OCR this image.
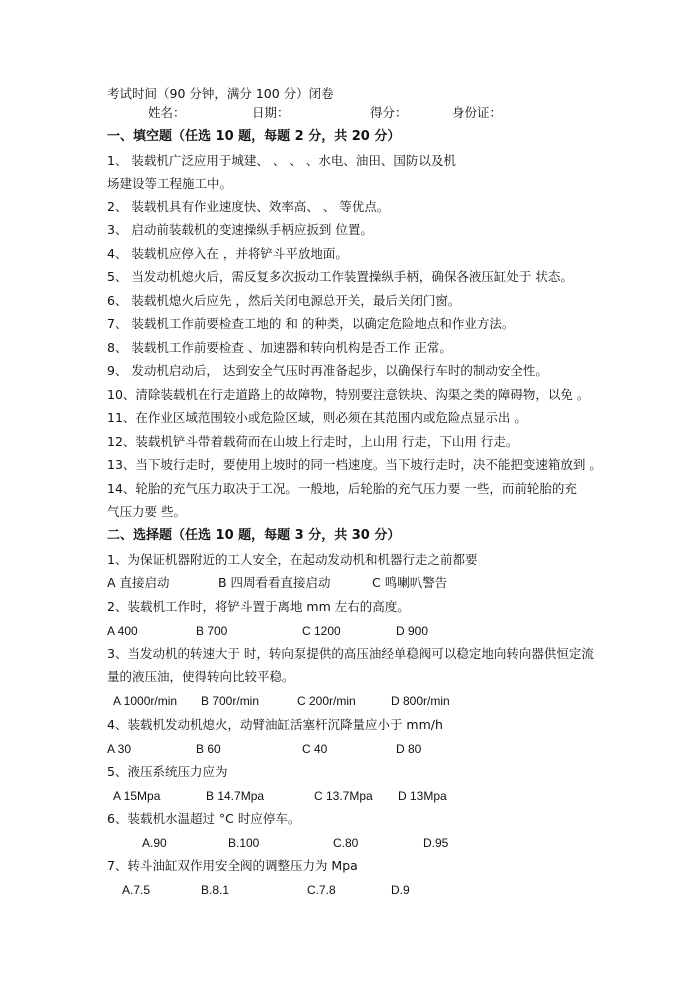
考试时间（90 分钟，满分 100 分）闭卷
姓名：	日期：	得分：	身份证：
一、填空题（任选 10 题，每题 2 分，共 20 分）
1、 装载机广泛应用于城建、 、 、 、水电、油田、国防以及机
场建设等工程施工中。
2、 装载机具有作业速度快、效率高、 、 等优点。
3、 启动前装载机的变速操纵手柄应扳到 位置。
4、 装载机应停入在 ，并将铲斗平放地面。
5、 当发动机熄火后，需反复多次扳动工作装置操纵手柄，确保各液压缸处于 状态。
6、 装载机熄火后应先 ，然后关闭电源总开关，最后关闭门窗。
7、 装载机工作前要检查工地的 和 的种类，以确定危险地点和作业方法。
8、 装载机工作前要检查 、加速器和转向机构是否工作 正常。
9、 发动机启动后， 达到安全气压时再准备起步，以确保行车时的制动安全性。
10、清除装载机在行走道路上的故障物，特别要注意铁块、沟渠之类的障碍物，以免 。
11、在作业区域范围较小或危险区域，则必须在其范围内或危险点显示出 。
12、装载机铲斗带着载荷而在山坡上行走时，上山用 行走，下山用 行走。
13、当下坡行走时，要使用上坡时的同一档速度。当下坡行走时，决不能把变速箱放到 。
14、轮胎的充气压力取决于工况。一般地，后轮胎的充气压力要 一些，而前轮胎的充
气压力要 些。
二、选择题（任选 10 题，每题 3 分，共 30 分）
1、为保证机器附近的工人安全，在起动发动机和机器行走之前都要
A 直接启动	B 四周看看直接启动	C 鸣喇叭警告
2、装载机工作时，将铲斗置于离地 mm 左右的高度。
A 400	B 700	C 1200	D 900
3、当发动机的转速大于 时，转向泵提供的高压油经单稳阀可以稳定地向转向器供恒定流
量的液压油，使得转向比较平稳。
A 1000r/min B 700r/min	C 200r/min	D 800r/min
4、装载机发动机熄火，动臂油缸活塞杆沉降量应小于 mm/h
A 30	B 60	C 40	D 80
5、液压系统压力应为
A 15Mpa	B 14.7Mpa	C 13.7Mpa D 13Mpa
6、装载机水温超过 °C 时应停车。
A.90	B.100	C.80	D.95
7、转斗油缸双作用安全阀的调整压力为 Mpa
A.7.5	B.8.1	C.7.8	D.9
